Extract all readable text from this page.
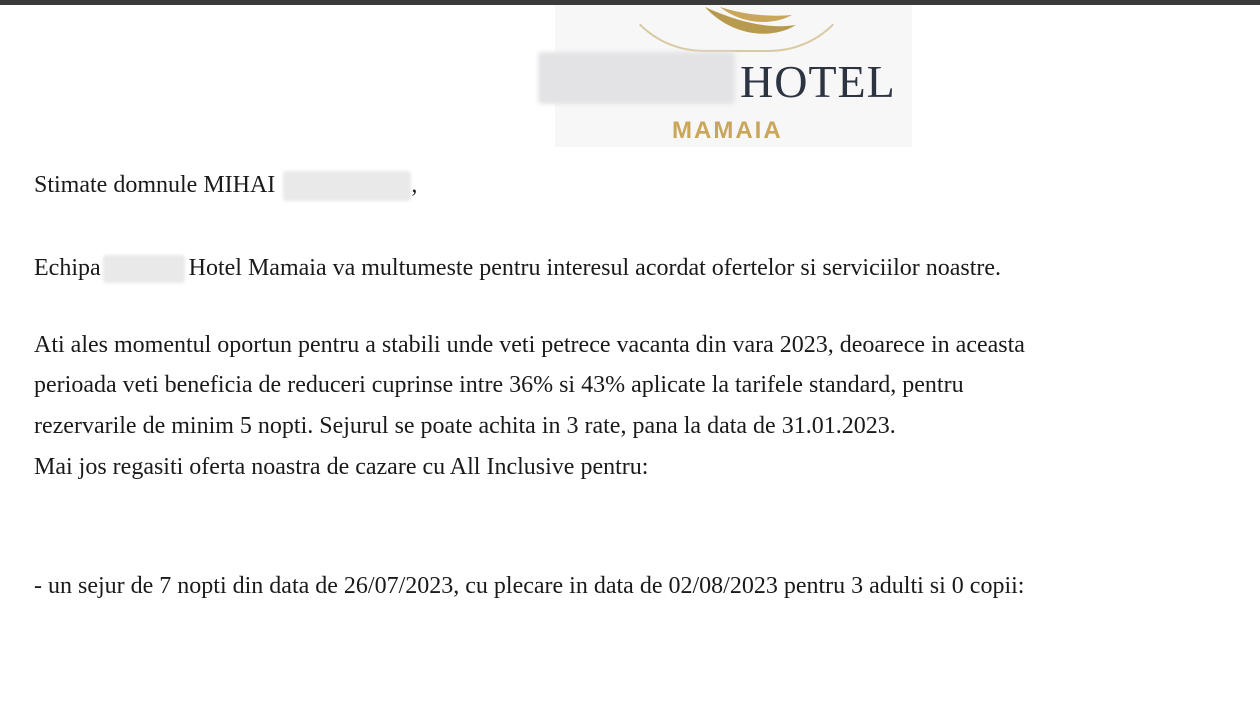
HOTEL
MAMAIA
Stimate domnule MIHAI	,
Echipa	Hotel Mamaia va multumeste pentru interesul acordat ofertelor si serviciilor noastre.
Ati ales momentul oportun pentru a stabili unde veti petrece vacanta din vara 2023, deoarece in aceasta
perioada veti beneficia de reduceri cuprinse intre 36% si 43% aplicate la tarifele standard, pentru
rezervarile de minim 5 nopti. Sejurul se poate achita in 3 rate, pana la data de 31.01.2023.
Mai jos regasiti oferta noastra de cazare cu All Inclusive pentru:
- un sejur de 7 nopti din data de 26/07/2023, cu plecare in data de 02/08/2023 pentru 3 adulti si 0 copii:
